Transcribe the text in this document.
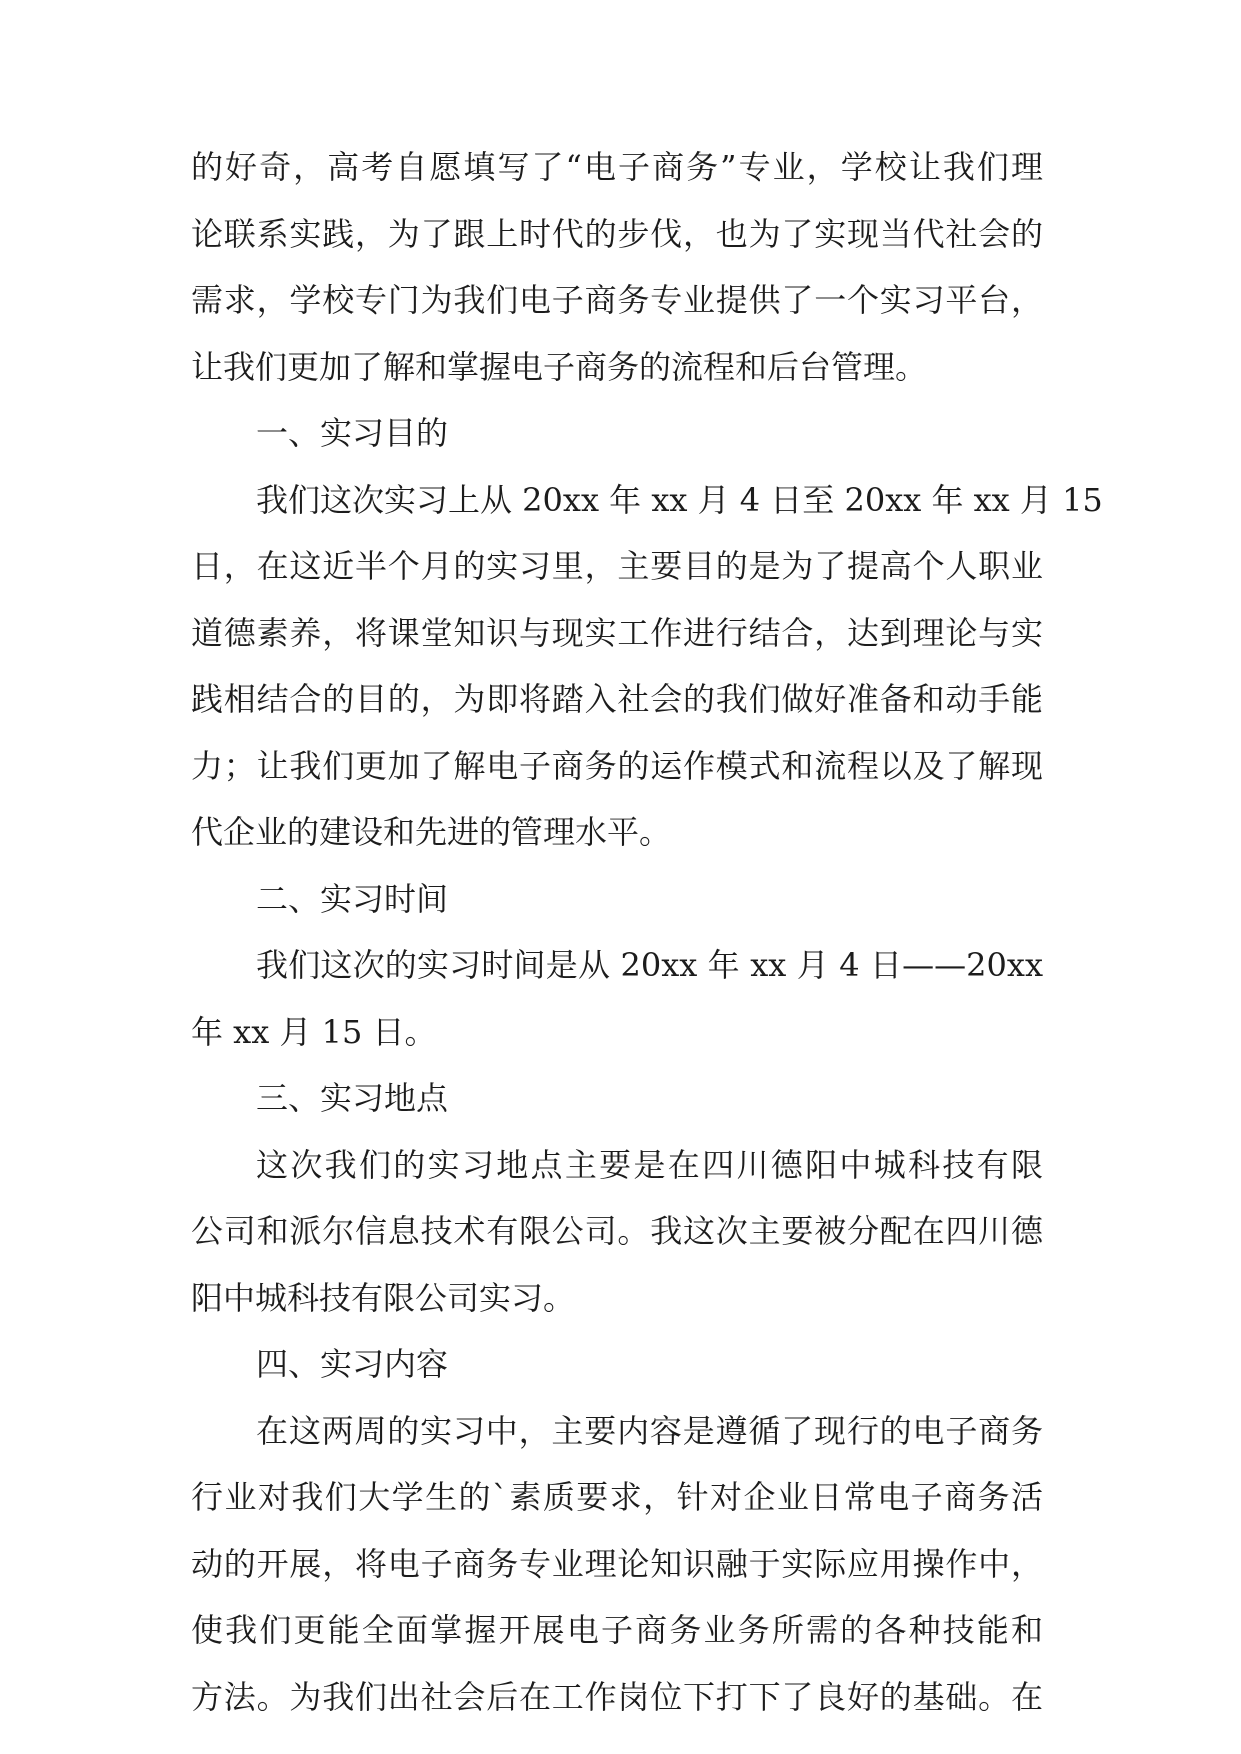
的好奇，高考自愿填写了“电子商务”专业，学校让我们理
论联系实践，为了跟上时代的步伐，也为了实现当代社会的
需求，学校专门为我们电子商务专业提供了一个实习平台，
让我们更加了解和掌握电子商务的流程和后台管理。
一、实习目的
我们这次实习上从 20xx 年 xx 月 4 日至 20xx 年 xx 月 15
日，在这近半个月的实习里，主要目的是为了提高个人职业
道德素养，将课堂知识与现实工作进行结合，达到理论与实
践相结合的目的，为即将踏入社会的我们做好准备和动手能
力；让我们更加了解电子商务的运作模式和流程以及了解现
代企业的建设和先进的管理水平。
二、实习时间
我们这次的实习时间是从 20xx 年 xx 月 4 日——20xx
年 xx 月 15 日。
三、实习地点
这次我们的实习地点主要是在四川德阳中城科技有限
公司和派尔信息技术有限公司。我这次主要被分配在四川德
阳中城科技有限公司实习。
四、实习内容
在这两周的实习中，主要内容是遵循了现行的电子商务
行业对我们大学生的`素质要求，针对企业日常电子商务活
动的开展，将电子商务专业理论知识融于实际应用操作中，
使我们更能全面掌握开展电子商务业务所需的各种技能和
方法。为我们出社会后在工作岗位下打下了良好的基础。在
